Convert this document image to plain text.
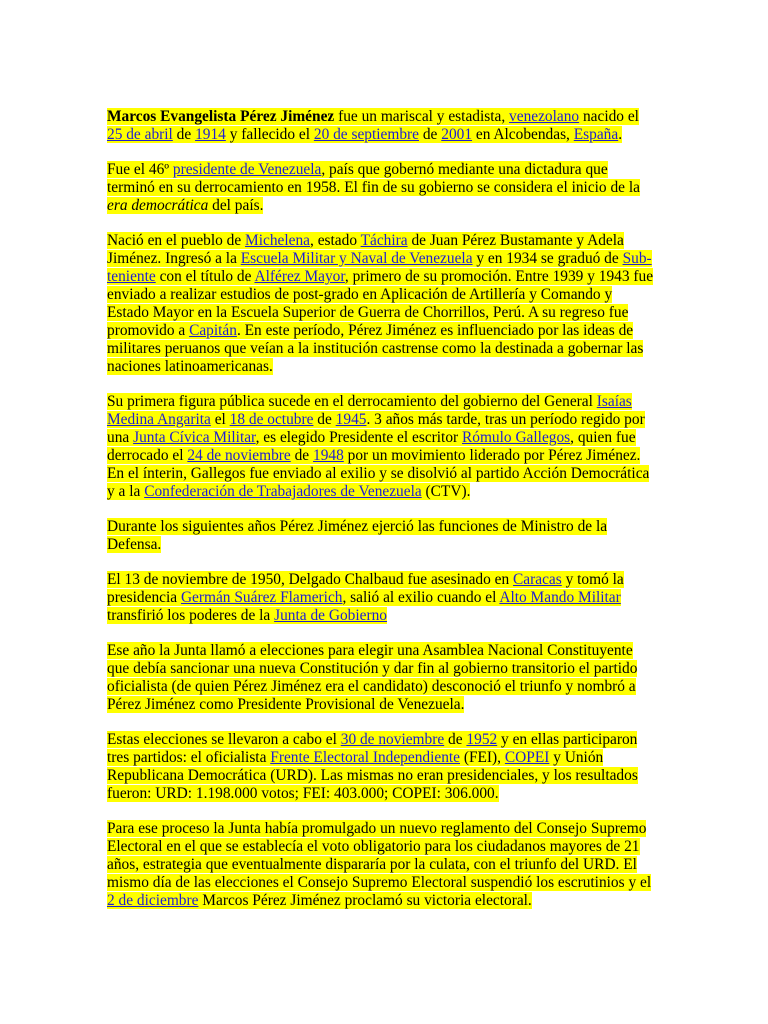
Marcos Evangelista Pérez Jiménez fue un mariscal y estadista, venezolano nacido el 25 de abril de 1914 y fallecido el 20 de septiembre de 2001 en Alcobendas, España.

Fue el 46º presidente de Venezuela, país que gobernó mediante una dictadura que terminó en su derrocamiento en 1958. El fin de su gobierno se considera el inicio de la era democrática del país.

Nació en el pueblo de Michelena, estado Táchira de Juan Pérez Bustamante y Adela Jiménez. Ingresó a la Escuela Militar y Naval de Venezuela y en 1934 se graduó de Sub-teniente con el título de Alférez Mayor, primero de su promoción. Entre 1939 y 1943 fue enviado a realizar estudios de post-grado en Aplicación de Artillería y Comando y Estado Mayor en la Escuela Superior de Guerra de Chorrillos, Perú. A su regreso fue promovido a Capitán. En este período, Pérez Jiménez es influenciado por las ideas de militares peruanos que veían a la institución castrense como la destinada a gobernar las naciones latinoamericanas.

Su primera figura pública sucede en el derrocamiento del gobierno del General Isaías Medina Angarita el 18 de octubre de 1945. 3 años más tarde, tras un período regido por una Junta Cívica Militar, es elegido Presidente el escritor Rómulo Gallegos, quien fue derrocado el 24 de noviembre de 1948 por un movimiento liderado por Pérez Jiménez. En el ínterin, Gallegos fue enviado al exilio y se disolvió al partido Acción Democrática y a la Confederación de Trabajadores de Venezuela (CTV).

Durante los siguientes años Pérez Jiménez ejerció las funciones de Ministro de la Defensa.

El 13 de noviembre de 1950, Delgado Chalbaud fue asesinado en Caracas y tomó la presidencia Germán Suárez Flamerich, salió al exilio cuando el Alto Mando Militar transfirió los poderes de la Junta de Gobierno

Ese año la Junta llamó a elecciones para elegir una Asamblea Nacional Constituyente que debía sancionar una nueva Constitución y dar fin al gobierno transitorio el partido oficialista (de quien Pérez Jiménez era el candidato) desconoció el triunfo y nombró a Pérez Jiménez como Presidente Provisional de Venezuela.

Estas elecciones se llevaron a cabo el 30 de noviembre de 1952 y en ellas participaron tres partidos: el oficialista Frente Electoral Independiente (FEI), COPEI y Unión Republicana Democrática (URD). Las mismas no eran presidenciales, y los resultados fueron: URD: 1.198.000 votos; FEI: 403.000; COPEI: 306.000.

Para ese proceso la Junta había promulgado un nuevo reglamento del Consejo Supremo Electoral en el que se establecía el voto obligatorio para los ciudadanos mayores de 21 años, estrategia que eventualmente dispararía por la culata, con el triunfo del URD. El mismo día de las elecciones el Consejo Supremo Electoral suspendió los escrutinios y el 2 de diciembre Marcos Pérez Jiménez proclamó su victoria electoral.
